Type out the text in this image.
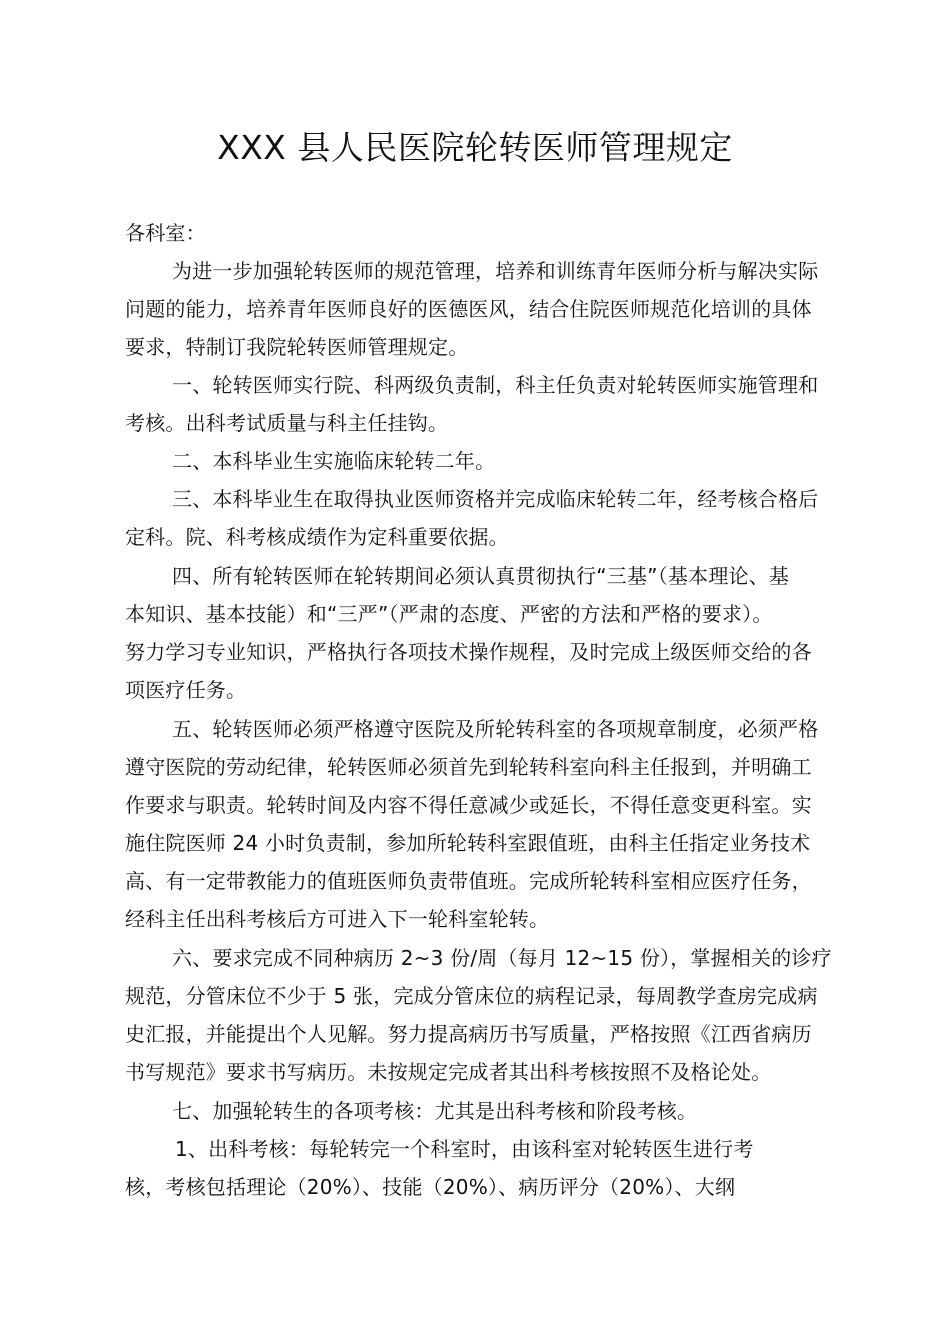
XXX 县人民医院轮转医师管理规定
各科室：
为进一步加强轮转医师的规范管理，培养和训练青年医师分析与解决实际
问题的能力，培养青年医师良好的医德医风，结合住院医师规范化培训的具体
要求，特制订我院轮转医师管理规定。
一、轮转医师实行院、科两级负责制，科主任负责对轮转医师实施管理和
考核。出科考试质量与科主任挂钩。
二、本科毕业生实施临床轮转二年。
三、本科毕业生在取得执业医师资格并完成临床轮转二年，经考核合格后
定科。院、科考核成绩作为定科重要依据。
四、所有轮转医师在轮转期间必须认真贯彻执行“三基”（基本理论、基
本知识、基本技能）和“三严”（严肃的态度、严密的方法和严格的要求）。
努力学习专业知识，严格执行各项技术操作规程，及时完成上级医师交给的各
项医疗任务。
五、轮转医师必须严格遵守医院及所轮转科室的各项规章制度，必须严格
遵守医院的劳动纪律，轮转医师必须首先到轮转科室向科主任报到，并明确工
作要求与职责。轮转时间及内容不得任意减少或延长，不得任意变更科室。实
施住院医师 24 小时负责制，参加所轮转科室跟值班，由科主任指定业务技术
高、有一定带教能力的值班医师负责带值班。完成所轮转科室相应医疗任务，
经科主任出科考核后方可进入下一轮科室轮转。
六、要求完成不同种病历 2~3 份/周（每月 12~15 份），掌握相关的诊疗
规范，分管床位不少于 5 张，完成分管床位的病程记录，每周教学查房完成病
史汇报，并能提出个人见解。努力提高病历书写质量，严格按照《江西省病历
书写规范》要求书写病历。未按规定完成者其出科考核按照不及格论处。
七、加强轮转生的各项考核：尤其是出科考核和阶段考核。
1、出科考核：每轮转完一个科室时，由该科室对轮转医生进行考
核，考核包括理论（20%）、技能（20%）、病历评分（20%）、大纲
